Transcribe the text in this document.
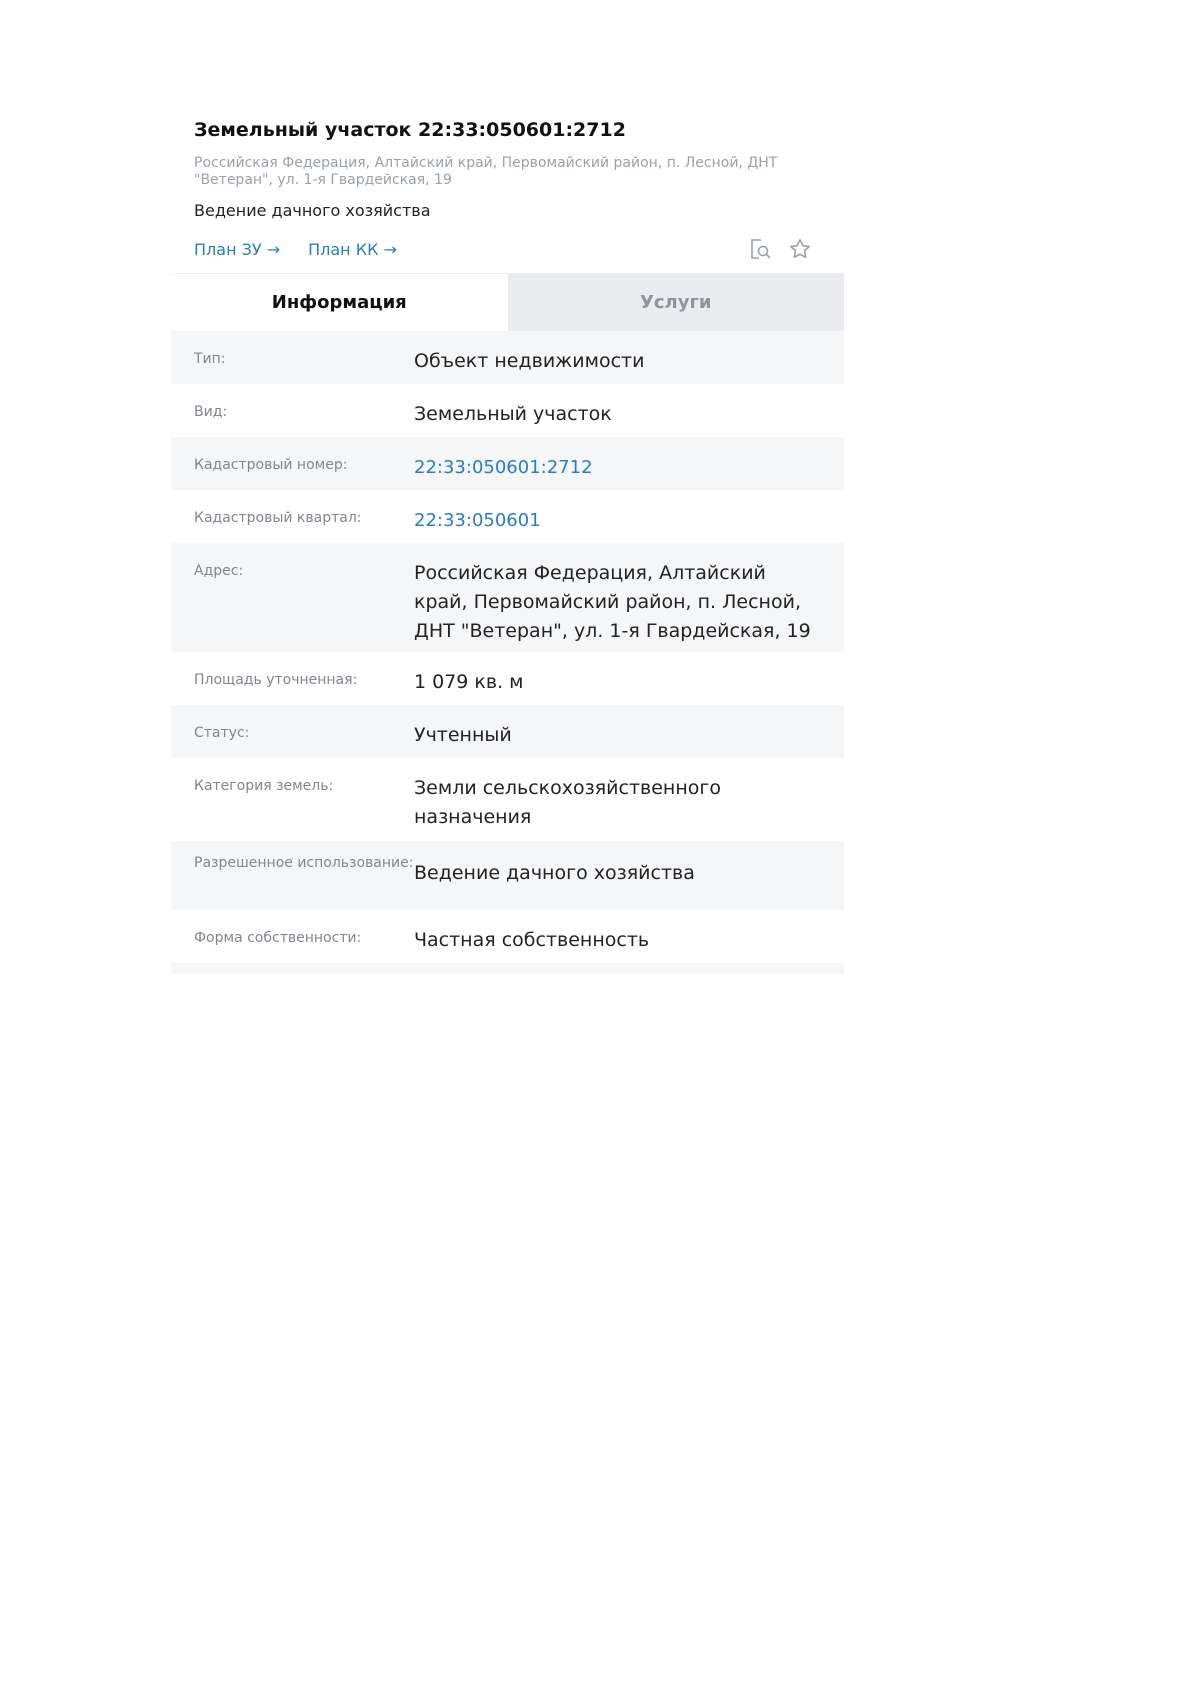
Земельный участок 22:33:050601:2712
Российская Федерация, Алтайский край, Первомайский район, п. Лесной, ДНТ "Ветеран", ул. 1-я Гвардейская, 19
Ведение дачного хозяйства
План ЗУ → План КК →
Информация	Услуги
Тип:	Объект недвижимости
Вид:	Земельный участок
Кадастровый номер:	22:33:050601:2712
Кадастровый квартал:	22:33:050601
Адрес:	Российская Федерация, Алтайский край, Первомайский район, п. Лесной, ДНТ "Ветеран", ул. 1-я Гвардейская, 19
Площадь уточненная:	1 079 кв. м
Статус:	Учтенный
Категория земель:	Земли сельскохозяйственного назначения
Разрешенное использование: Ведение дачного хозяйства
Форма собственности:	Частная собственность
